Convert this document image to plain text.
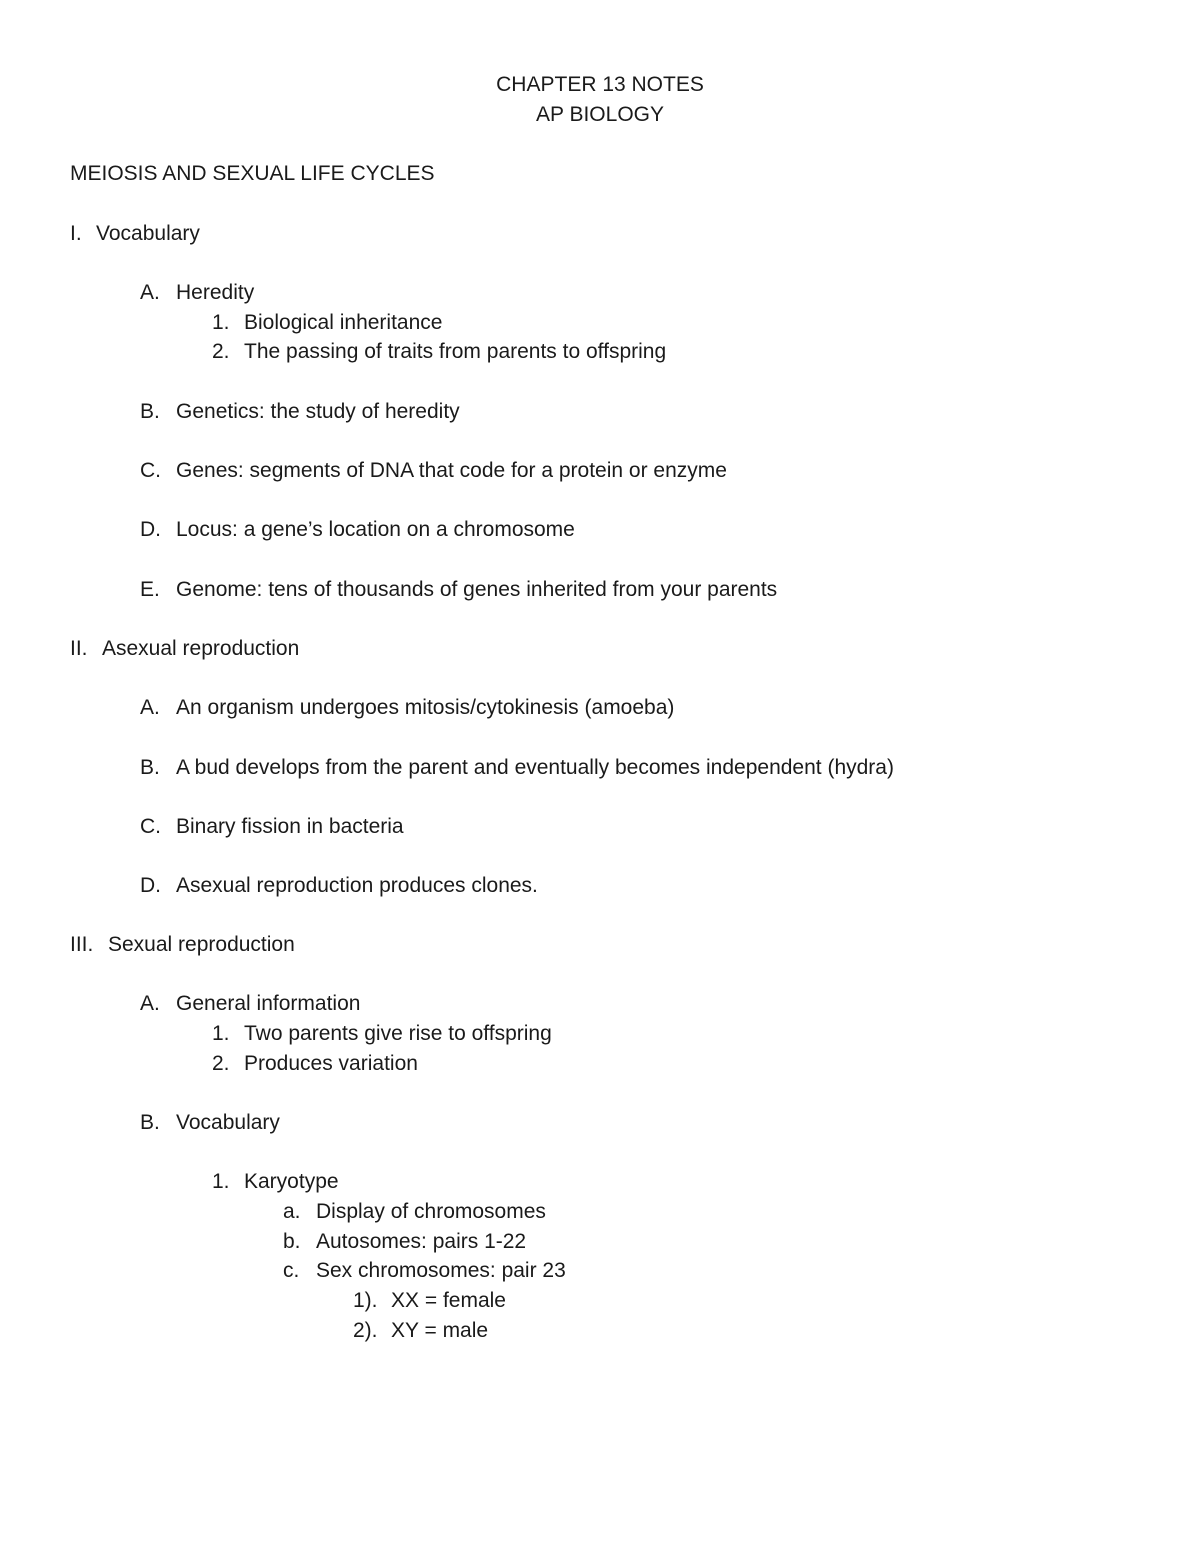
CHAPTER 13 NOTES
AP BIOLOGY
MEIOSIS AND SEXUAL LIFE CYCLES
I. Vocabulary
A. Heredity
1. Biological inheritance
2. The passing of traits from parents to offspring
B. Genetics: the study of heredity
C. Genes: segments of DNA that code for a protein or enzyme
D. Locus: a gene’s location on a chromosome
E. Genome: tens of thousands of genes inherited from your parents
II. Asexual reproduction
A. An organism undergoes mitosis/cytokinesis (amoeba)
B. A bud develops from the parent and eventually becomes independent (hydra)
C. Binary fission in bacteria
D. Asexual reproduction produces clones.
III. Sexual reproduction
A. General information
1. Two parents give rise to offspring
2. Produces variation
B. Vocabulary
1. Karyotype
a. Display of chromosomes
b. Autosomes: pairs 1-22
c. Sex chromosomes: pair 23
1). XX = female
2). XY = male
